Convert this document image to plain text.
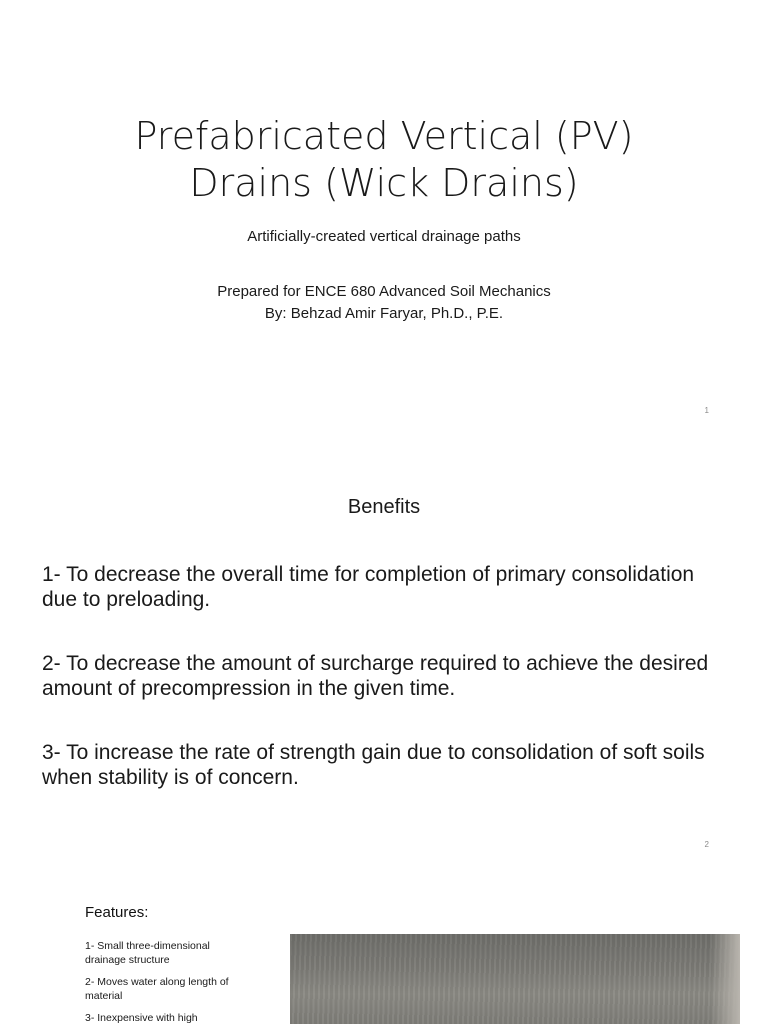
Prefabricated Vertical (PV)
Drains (Wick Drains)
Artificially-created vertical drainage paths
Prepared for ENCE 680 Advanced Soil Mechanics
By: Behzad Amir Faryar, Ph.D., P.E.
1
Benefits
1- To decrease the overall time for completion of primary consolidation due to preloading.
2- To decrease the amount of surcharge required to achieve the desired amount of precompression in the given time.
3- To increase the rate of strength gain due to consolidation of soft soils when stability is of concern.
2
Features:
1- Small three-dimensional drainage structure
2- Moves water along length of material
3- Inexpensive with high
